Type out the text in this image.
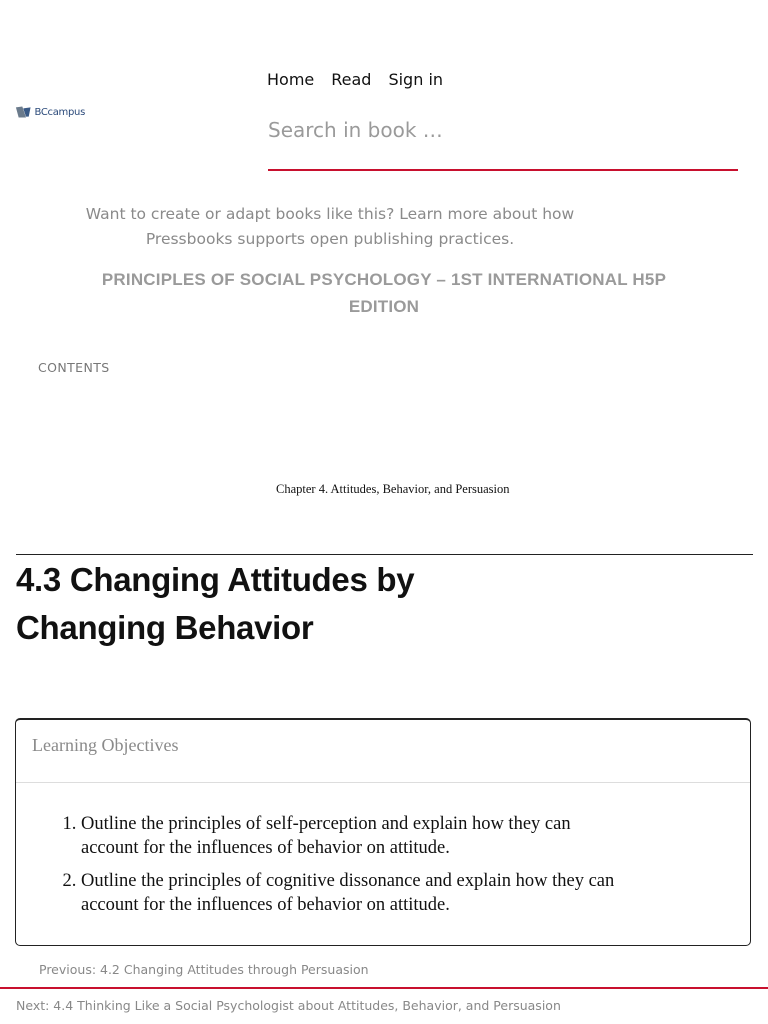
BCcampus
Home Read Sign in
Search in book …
Want to create or adapt books like this? Learn more about how Pressbooks supports open publishing practices.
PRINCIPLES OF SOCIAL PSYCHOLOGY – 1ST INTERNATIONAL H5P EDITION
CONTENTS
Chapter 4. Attitudes, Behavior, and Persuasion
4.3 Changing Attitudes by Changing Behavior
Learning Objectives
1. Outline the principles of self-perception and explain how they can account for the influences of behavior on attitude.
2. Outline the principles of cognitive dissonance and explain how they can account for the influences of behavior on attitude.
Previous: 4.2 Changing Attitudes through Persuasion
Next: 4.4 Thinking Like a Social Psychologist about Attitudes, Behavior, and Persuasion
